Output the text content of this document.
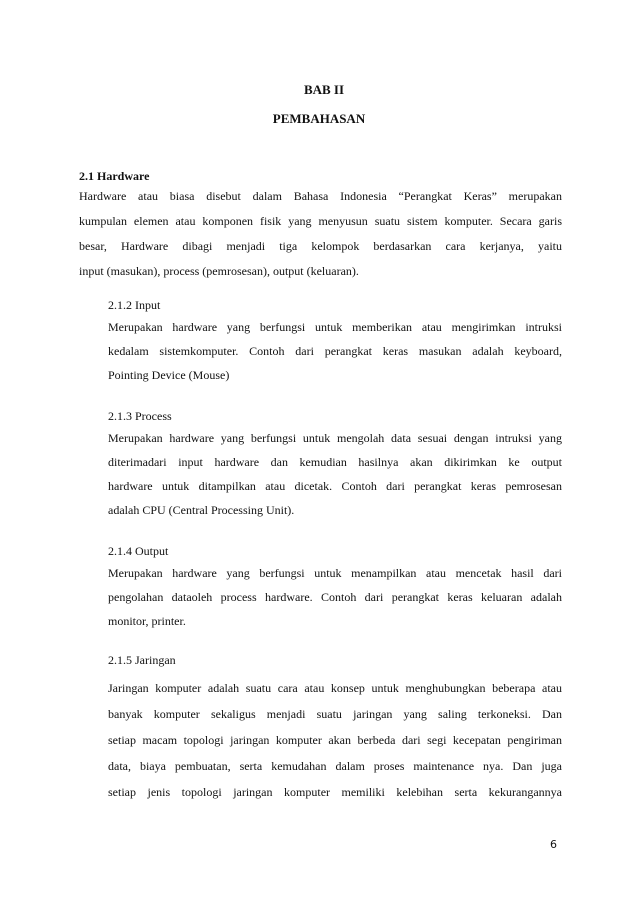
BAB II
PEMBAHASAN
2.1 Hardware
Hardware atau biasa disebut dalam Bahasa Indonesia “Perangkat Keras” merupakan
kumpulan elemen atau komponen fisik yang menyusun suatu sistem komputer. Secara garis
besar, Hardware dibagi menjadi tiga kelompok berdasarkan cara kerjanya, yaitu
input (masukan), process (pemrosesan), output (keluaran).
2.1.2 Input
Merupakan hardware yang berfungsi untuk memberikan atau mengirimkan intruksi
kedalam sistemkomputer. Contoh dari perangkat keras masukan adalah keyboard,
Pointing Device (Mouse)
2.1.3 Process
Merupakan hardware yang berfungsi untuk mengolah data sesuai dengan intruksi yang
diterimadari input hardware dan kemudian hasilnya akan dikirimkan ke output
hardware untuk ditampilkan atau dicetak. Contoh dari perangkat keras pemrosesan
adalah CPU (Central Processing Unit).
2.1.4 Output
Merupakan hardware yang berfungsi untuk menampilkan atau mencetak hasil dari
pengolahan dataoleh process hardware. Contoh dari perangkat keras keluaran adalah
monitor, printer.
2.1.5 Jaringan
Jaringan komputer adalah suatu cara atau konsep untuk menghubungkan beberapa atau
banyak komputer sekaligus menjadi suatu jaringan yang saling terkoneksi. Dan
setiap macam topologi jaringan komputer akan berbeda dari segi kecepatan pengiriman
data, biaya pembuatan, serta kemudahan dalam proses maintenance nya. Dan juga
setiap jenis topologi jaringan komputer memiliki kelebihan serta kekurangannya
6
